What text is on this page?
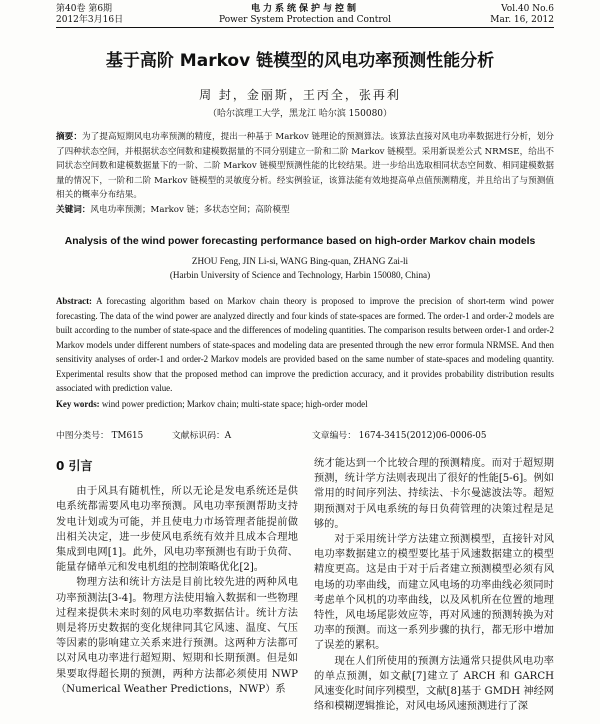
第40卷 第6期
2012年3月16日
电力系统保护与控制
Power System Protection and Control
Vol.40 No.6
Mar. 16, 2012
基于高阶 Markov 链模型的风电功率预测性能分析
周 封，金丽斯，王丙全，张再利
（哈尔滨理工大学，黑龙江 哈尔滨 150080）
摘要：为了提高短期风电功率预测的精度，提出一种基于 Markov 链理论的预测算法。该算法直接对风电功率数据进行分析，划分了四种状态空间，并根据状态空间数和建模数据量的不同分别建立一阶和二阶 Markov 链模型。采用新误差公式 NRMSE，给出不同状态空间数和建模数据量下的一阶、二阶 Markov 链模型预测性能的比较结果。进一步给出选取相同状态空间数、相同建模数据量的情况下，一阶和二阶 Markov 链模型的灵敏度分析。经实例验证，该算法能有效地提高单点值预测精度，并且给出了与预测值相关的概率分布结果。
关键词：风电功率预测；Markov 链；多状态空间；高阶模型
Analysis of the wind power forecasting performance based on high-order Markov chain models
ZHOU Feng, JIN Li-si, WANG Bing-quan, ZHANG Zai-li
(Harbin University of Science and Technology, Harbin 150080, China)
Abstract: A forecasting algorithm based on Markov chain theory is proposed to improve the precision of short-term wind power forecasting. The data of the wind power are analyzed directly and four kinds of state-spaces are formed. The order-1 and order-2 models are built according to the number of state-space and the differences of modeling quantities. The comparison results between order-1 and order-2 Markov models under different numbers of state-spaces and modeling data are presented through the new error formula NRMSE. And then sensitivity analyses of order-1 and order-2 Markov models are provided based on the same number of state-spaces and modeling quantity. Experimental results show that the proposed method can improve the prediction accuracy, and it provides probability distribution results associated with prediction value.
Key words: wind power prediction; Markov chain; multi-state space; high-order model
中图分类号： TM615	文献标识码：A	文章编号： 1674-3415(2012)06-0006-05
0 引言

由于风具有随机性，所以无论是发电系统还是供电系统都需要风电功率预测。风电功率预测帮助支持发电计划或为可能，并且使电力市场管理者能提前做出相关决定，进一步使风电系统有效并且成本合理地集成到电网[1]。此外，风电功率预测也有助于负荷、能量存储单元和发电机组的控制策略优化[2]。

物理方法和统计方法是目前比较先进的两种风电功率预测法[3-4]。物理方法使用输入数据和一些物理过程来提供未来时刻的风电功率数据估计。统计方法则是将历史数据的变化规律同其它风速、温度、气压等因素的影响建立关系来进行预测。这两种方法都可以对风电功率进行超短期、短期和长期预测。但是如果要取得超长期的预测，两种方法都必须使用 NWP（Numerical Weather Predictions，NWP）系

统才能达到一个比较合理的预测精度。而对于超短期预测，统计学方法则表现出了很好的性能[5-6]。例如常用的时间序列法、持续法、卡尔曼滤波法等。超短期预测对于风电系统的每日负荷管理的决策过程是足够的。

对于采用统计学方法建立预测模型，直接针对风电功率数据建立的模型要比基于风速数据建立的模型精度更高。这是由于对于后者建立预测模型必须有风电场的功率曲线，而建立风电场的功率曲线必须同时考虑单个风机的功率曲线，以及风机所在位置的地理特性，风电场尾影效应等，再对风速的预测转换为对功率的预测。而这一系列步骤的执行，都无形中增加了误差的累积。

现在人们所使用的预测方法通常只提供风电功率的单点预测，如文献[7]建立了 ARCH 和 GARCH 风速变化时间序列模型，文献[8]基于 GMDH 神经网络和模糊逻辑推论，对风电场风速预测进行了深
